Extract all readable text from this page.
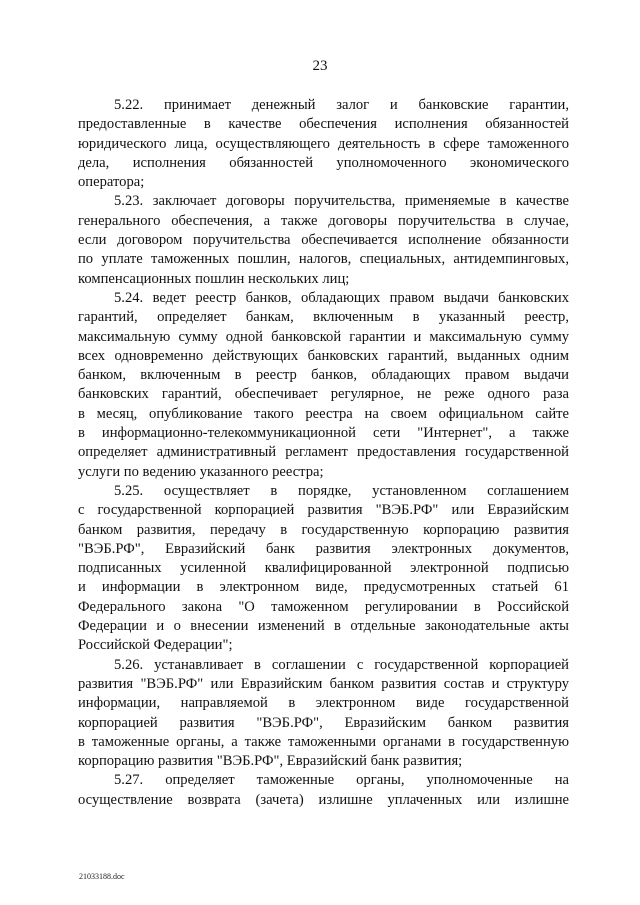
23

5.22. принимает денежный залог и банковские гарантии,
предоставленные в качестве обеспечения исполнения обязанностей
юридического лица, осуществляющего деятельность в сфере таможенного
дела, исполнения обязанностей уполномоченного экономического
оператора;

5.23. заключает договоры поручительства, применяемые в качестве
генерального обеспечения, а также договоры поручительства в случае,
если договором поручительства обеспечивается исполнение обязанности
по уплате таможенных пошлин, налогов, специальных, антидемпинговых,
компенсационных пошлин нескольких лиц;

5.24. ведет реестр банков, обладающих правом выдачи банковских
гарантий, определяет банкам, включенным в указанный реестр,
максимальную сумму одной банковской гарантии и максимальную сумму
всех одновременно действующих банковских гарантий, выданных одним
банком, включенным в реестр банков, обладающих правом выдачи
банковских гарантий, обеспечивает регулярное, не реже одного раза
в месяц, опубликование такого реестра на своем официальном сайте
в информационно-телекоммуникационной сети "Интернет", а также
определяет административный регламент предоставления государственной
услуги по ведению указанного реестра;

5.25. осуществляет в порядке, установленном соглашением
с государственной корпорацией развития "ВЭБ.РФ" или Евразийским
банком развития, передачу в государственную корпорацию развития
"ВЭБ.РФ", Евразийский банк развития электронных документов,
подписанных усиленной квалифицированной электронной подписью
и информации в электронном виде, предусмотренных статьей 61
Федерального закона "О таможенном регулировании в Российской
Федерации и о внесении изменений в отдельные законодательные акты
Российской Федерации";

5.26. устанавливает в соглашении с государственной корпорацией
развития "ВЭБ.РФ" или Евразийским банком развития состав и структуру
информации, направляемой в электронном виде государственной
корпорацией развития "ВЭБ.РФ", Евразийским банком развития
в таможенные органы, а также таможенными органами в государственную
корпорацию развития "ВЭБ.РФ", Евразийский банк развития;

5.27. определяет таможенные органы, уполномоченные на
осуществление возврата (зачета) излишне уплаченных или излишне

21033188.doc
